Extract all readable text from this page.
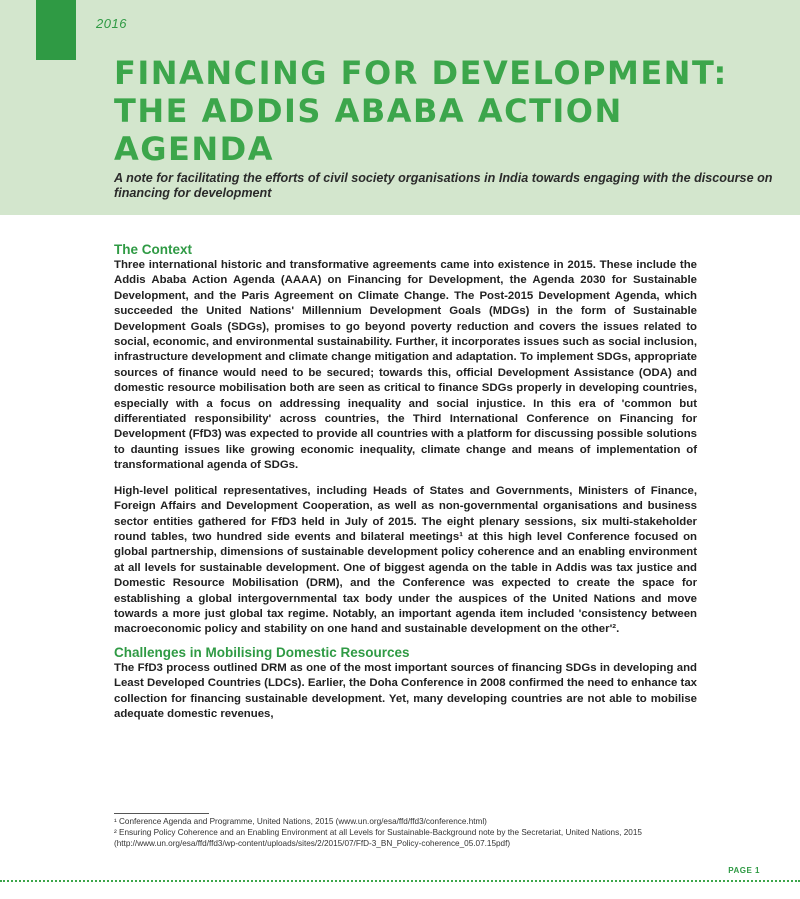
2016
FINANCING FOR DEVELOPMENT:
THE ADDIS ABABA ACTION
AGENDA

A note for facilitating the efforts of civil society organisations in India towards engaging with the discourse on financing for development

The Context

Three international historic and transformative agreements came into existence in 2015. These include the Addis Ababa Action Agenda (AAAA) on Financing for Development, the Agenda 2030 for Sustainable Development, and the Paris Agreement on Climate Change. The Post-2015 Development Agenda, which succeeded the United Nations' Millennium Development Goals (MDGs) in the form of Sustainable Development Goals (SDGs), promises to go beyond poverty reduction and covers the issues related to social, economic, and environmental sustainability. Further, it incorporates issues such as social inclusion, infrastructure development and climate change mitigation and adaptation. To implement SDGs, appropriate sources of finance would need to be secured; towards this, official Development Assistance (ODA) and domestic resource mobilisation both are seen as critical to finance SDGs properly in developing countries, especially with a focus on addressing inequality and social injustice. In this era of 'common but differentiated responsibility' across countries, the Third International Conference on Financing for Development (FfD3) was expected to provide all countries with a platform for discussing possible solutions to daunting issues like growing economic inequality, climate change and means of implementation of transformational agenda of SDGs.

High-level political representatives, including Heads of States and Governments, Ministers of Finance, Foreign Affairs and Development Cooperation, as well as non-governmental organisations and business sector entities gathered for FfD3 held in July of 2015. The eight plenary sessions, six multi-stakeholder round tables, two hundred side events and bilateral meetings¹ at this high level Conference focused on global partnership, dimensions of sustainable development policy coherence and an enabling environment at all levels for sustainable development. One of biggest agenda on the table in Addis was tax justice and Domestic Resource Mobilisation (DRM), and the Conference was expected to create the space for establishing a global intergovernmental tax body under the auspices of the United Nations and move towards a more just global tax regime. Notably, an important agenda item included 'consistency between macroeconomic policy and stability on one hand and sustainable development on the other'².

Challenges in Mobilising Domestic Resources

The FfD3 process outlined DRM as one of the most important sources of financing SDGs in developing and Least Developed Countries (LDCs). Earlier, the Doha Conference in 2008 confirmed the need to enhance tax collection for financing sustainable development. Yet, many developing countries are not able to mobilise adequate domestic revenues,

¹ Conference Agenda and Programme, United Nations, 2015 (www.un.org/esa/ffd/ffd3/conference.html)

² Ensuring Policy Coherence and an Enabling Environment at all Levels for Sustainable-Background note by the Secretariat, United Nations, 2015 (http://www.un.org/esa/ffd/ffd3/wp-content/uploads/sites/2/2015/07/FfD-3_BN_Policy-coherence_05.07.15pdf)

PAGE 1
